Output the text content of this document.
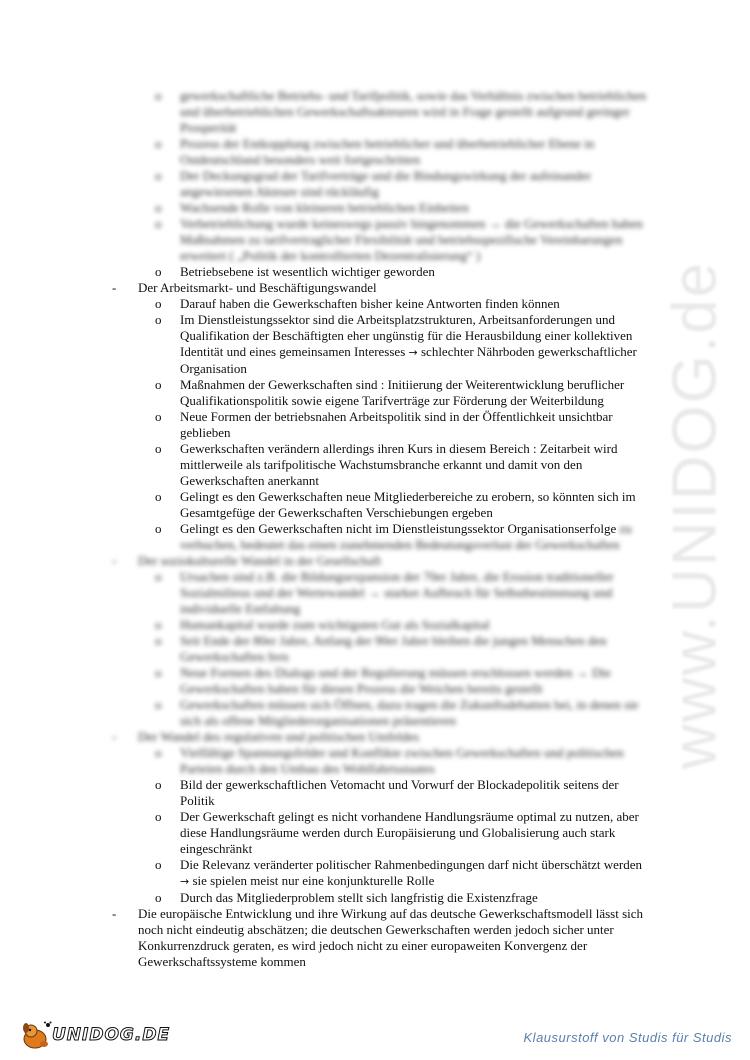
www.UNIDOG.de
o	gewerkschaftliche Betriebs- und Tarifpolitik, sowie das Verhältnis zwischen betrieblichen und überbetrieblichen Gewerkschaftsakteuren wird in Frage gestellt aufgrund geringer Prosperität
o	Prozess der Entkopplung zwischen betrieblicher und überbetrieblicher Ebene in Ostdeutschland besonders weit fortgeschritten
o	Der Deckungsgrad der Tarifverträge und die Bindungswirkung der aufeinander angewiesenen Akteure sind rückläufig
o	Wachsende Rolle von kleineren betrieblichen Einheiten
o	Verbetrieblichung wurde keineswegs passiv hingenommen → die Gewerkschaften haben Maßnahmen zu tarifvertraglicher Flexibilität und betriebsspezifische Vereinbarungen erweitert ( „Politik der kontrollierten Dezentralisierung“ )
o	Betriebsebene ist wesentlich wichtiger geworden
-	Der Arbeitsmarkt- und Beschäftigungswandel
o	Darauf haben die Gewerkschaften bisher keine Antworten finden können
o	Im Dienstleistungssektor sind die Arbeitsplatzstrukturen, Arbeitsanforderungen und Qualifikation der Beschäftigten eher ungünstig für die Herausbildung einer kollektiven Identität und eines gemeinsamen Interesses → schlechter Nährboden gewerkschaftlicher Organisation
o	Maßnahmen der Gewerkschaften sind : Initiierung der Weiterentwicklung beruflicher Qualifikationspolitik sowie eigene Tarifverträge zur Förderung der Weiterbildung
o	Neue Formen der betriebsnahen Arbeitspolitik sind in der Öffentlichkeit unsichtbar geblieben
o	Gewerkschaften verändern allerdings ihren Kurs in diesem Bereich : Zeitarbeit wird mittlerweile als tarifpolitische Wachstumsbranche erkannt und damit von den Gewerkschaften anerkannt
o	Gelingt es den Gewerkschaften neue Mitgliederbereiche zu erobern, so könnten sich im Gesamtgefüge der Gewerkschaften Verschiebungen ergeben
o	Gelingt es den Gewerkschaften nicht im Dienstleistungssektor Organisationserfolge zu verbuchen, bedeutet das einen zunehmenden Bedeutungsverlust der Gewerkschaften
-	Der soziokulturelle Wandel in der Gesellschaft
o	Ursachen sind z.B. die Bildungsexpansion der 70er Jahre, die Erosion traditioneller Sozialmilieus und der Wertewandel → starker Aufbruch für Selbstbestimmung und individuelle Entfaltung
o	Humankapital wurde zum wichtigsten Gut als Sozialkapital
o	Seit Ende der 80er Jahre, Anfang der 90er Jahre bleiben die jungen Menschen den Gewerkschaften fern
o	Neue Formen des Dialogs und der Regulierung müssen erschlossen werden → Die Gewerkschaften haben für diesen Prozess die Weichen bereits gestellt
o	Gewerkschaften müssen sich Öffnen, dazu tragen die Zukunftsdebatten bei, in denen sie sich als offene Mitgliederorganisationen präsentieren
-	Der Wandel des regulativen und politischen Umfeldes
o	Vielfältige Spannungsfelder und Konflikte zwischen Gewerkschaften und politischen Parteien durch den Umbau des Wohlfahrtsstaates
o	Bild der gewerkschaftlichen Vetomacht und Vorwurf der Blockadepolitik seitens der Politik
o	Der Gewerkschaft gelingt es nicht vorhandene Handlungsräume optimal zu nutzen, aber diese Handlungsräume werden durch Europäisierung und Globalisierung auch stark eingeschränkt
o	Die Relevanz veränderter politischer Rahmenbedingungen darf nicht überschätzt werden → sie spielen meist nur eine konjunkturelle Rolle
o	Durch das Mitgliederproblem stellt sich langfristig die Existenzfrage
-	Die europäische Entwicklung und ihre Wirkung auf das deutsche Gewerkschaftsmodell lässt sich noch nicht eindeutig abschätzen; die deutschen Gewerkschaften werden jedoch sicher unter Konkurrenzdruck geraten, es wird jedoch nicht zu einer europaweiten Konvergenz der Gewerkschaftssysteme kommen
UNIDOG.DE	Klausurstoff von Studis für Studis
